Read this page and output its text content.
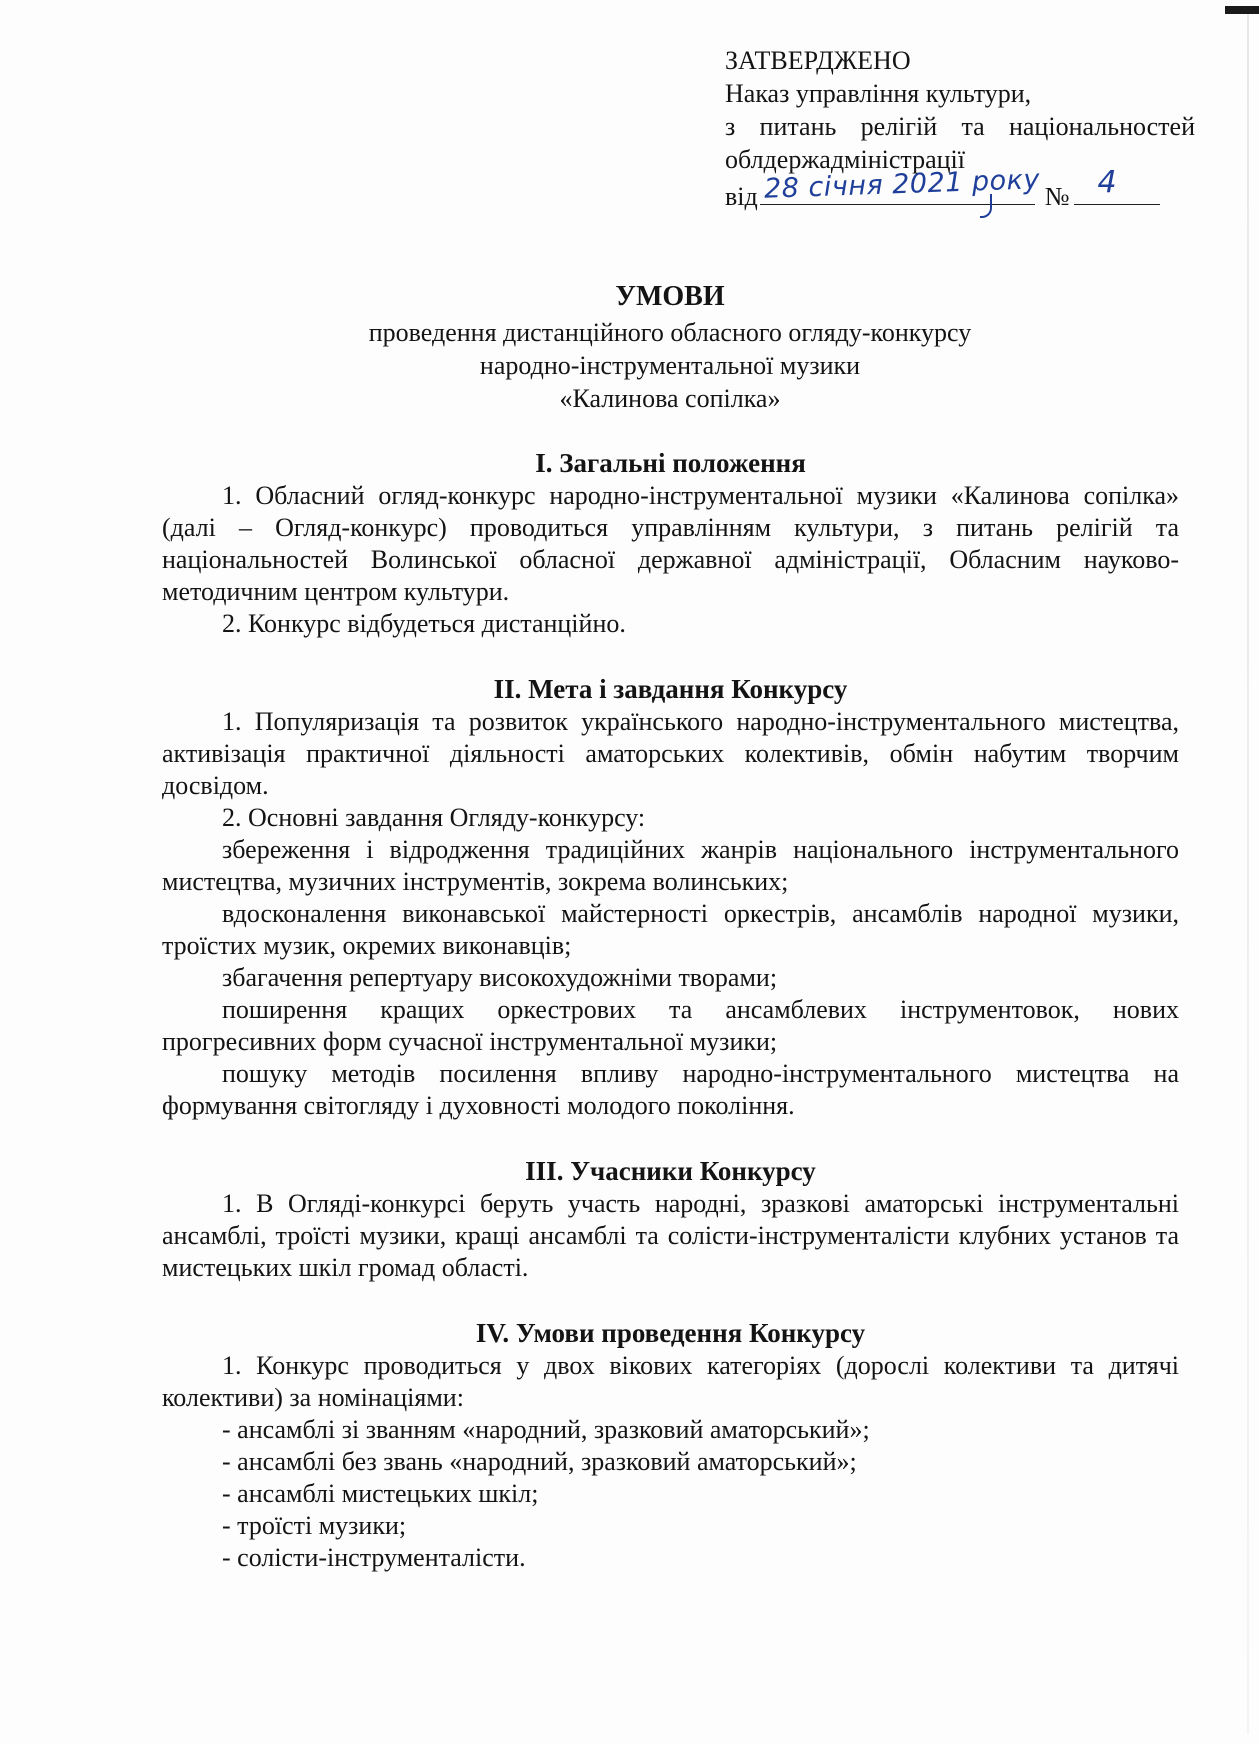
ЗАТВЕРДЖЕНО
Наказ управління культури,
з питань релігій та національностей
облдержадміністрації
від 28 січня 2021 року № 4
УМОВИ
проведення дистанційного обласного огляду-конкурсу
народно-інструментальної музики
«Калинова сопілка»
І. Загальні положення

1. Обласний огляд-конкурс народно-інструментальної музики «Калинова сопілка» (далі – Огляд-конкурс) проводиться управлінням культури, з питань релігій та національностей Волинської обласної державної адміністрації, Обласним науково-методичним центром культури.

2. Конкурс відбудеться дистанційно.

ІІ. Мета і завдання Конкурсу

1. Популяризація та розвиток українського народно-інструментального мистецтва, активізація практичної діяльності аматорських колективів, обмін набутим творчим досвідом.

2. Основні завдання Огляду-конкурсу:

збереження і відродження традиційних жанрів національного інструментального мистецтва, музичних інструментів, зокрема волинських;

вдосконалення виконавської майстерності оркестрів, ансамблів народної музики, троїстих музик, окремих виконавців;

збагачення репертуару високохудожніми творами;

поширення кращих оркестрових та ансамблевих інструментовок, нових прогресивних форм сучасної інструментальної музики;

пошуку методів посилення впливу народно-інструментального мистецтва на формування світогляду і духовності молодого покоління.

ІІІ. Учасники Конкурсу

1. В Огляді-конкурсі беруть участь народні, зразкові аматорські інструментальні ансамблі, троїсті музики, кращі ансамблі та солісти-інструменталісти клубних установ та мистецьких шкіл громад області.

IV. Умови проведення Конкурсу

1. Конкурс проводиться у двох вікових категоріях (дорослі колективи та дитячі колективи) за номінаціями:

- ансамблі зі званням «народний, зразковий аматорський»;

- ансамблі без звань «народний, зразковий аматорський»;

- ансамблі мистецьких шкіл;

- троїсті музики;

- солісти-інструменталісти.
